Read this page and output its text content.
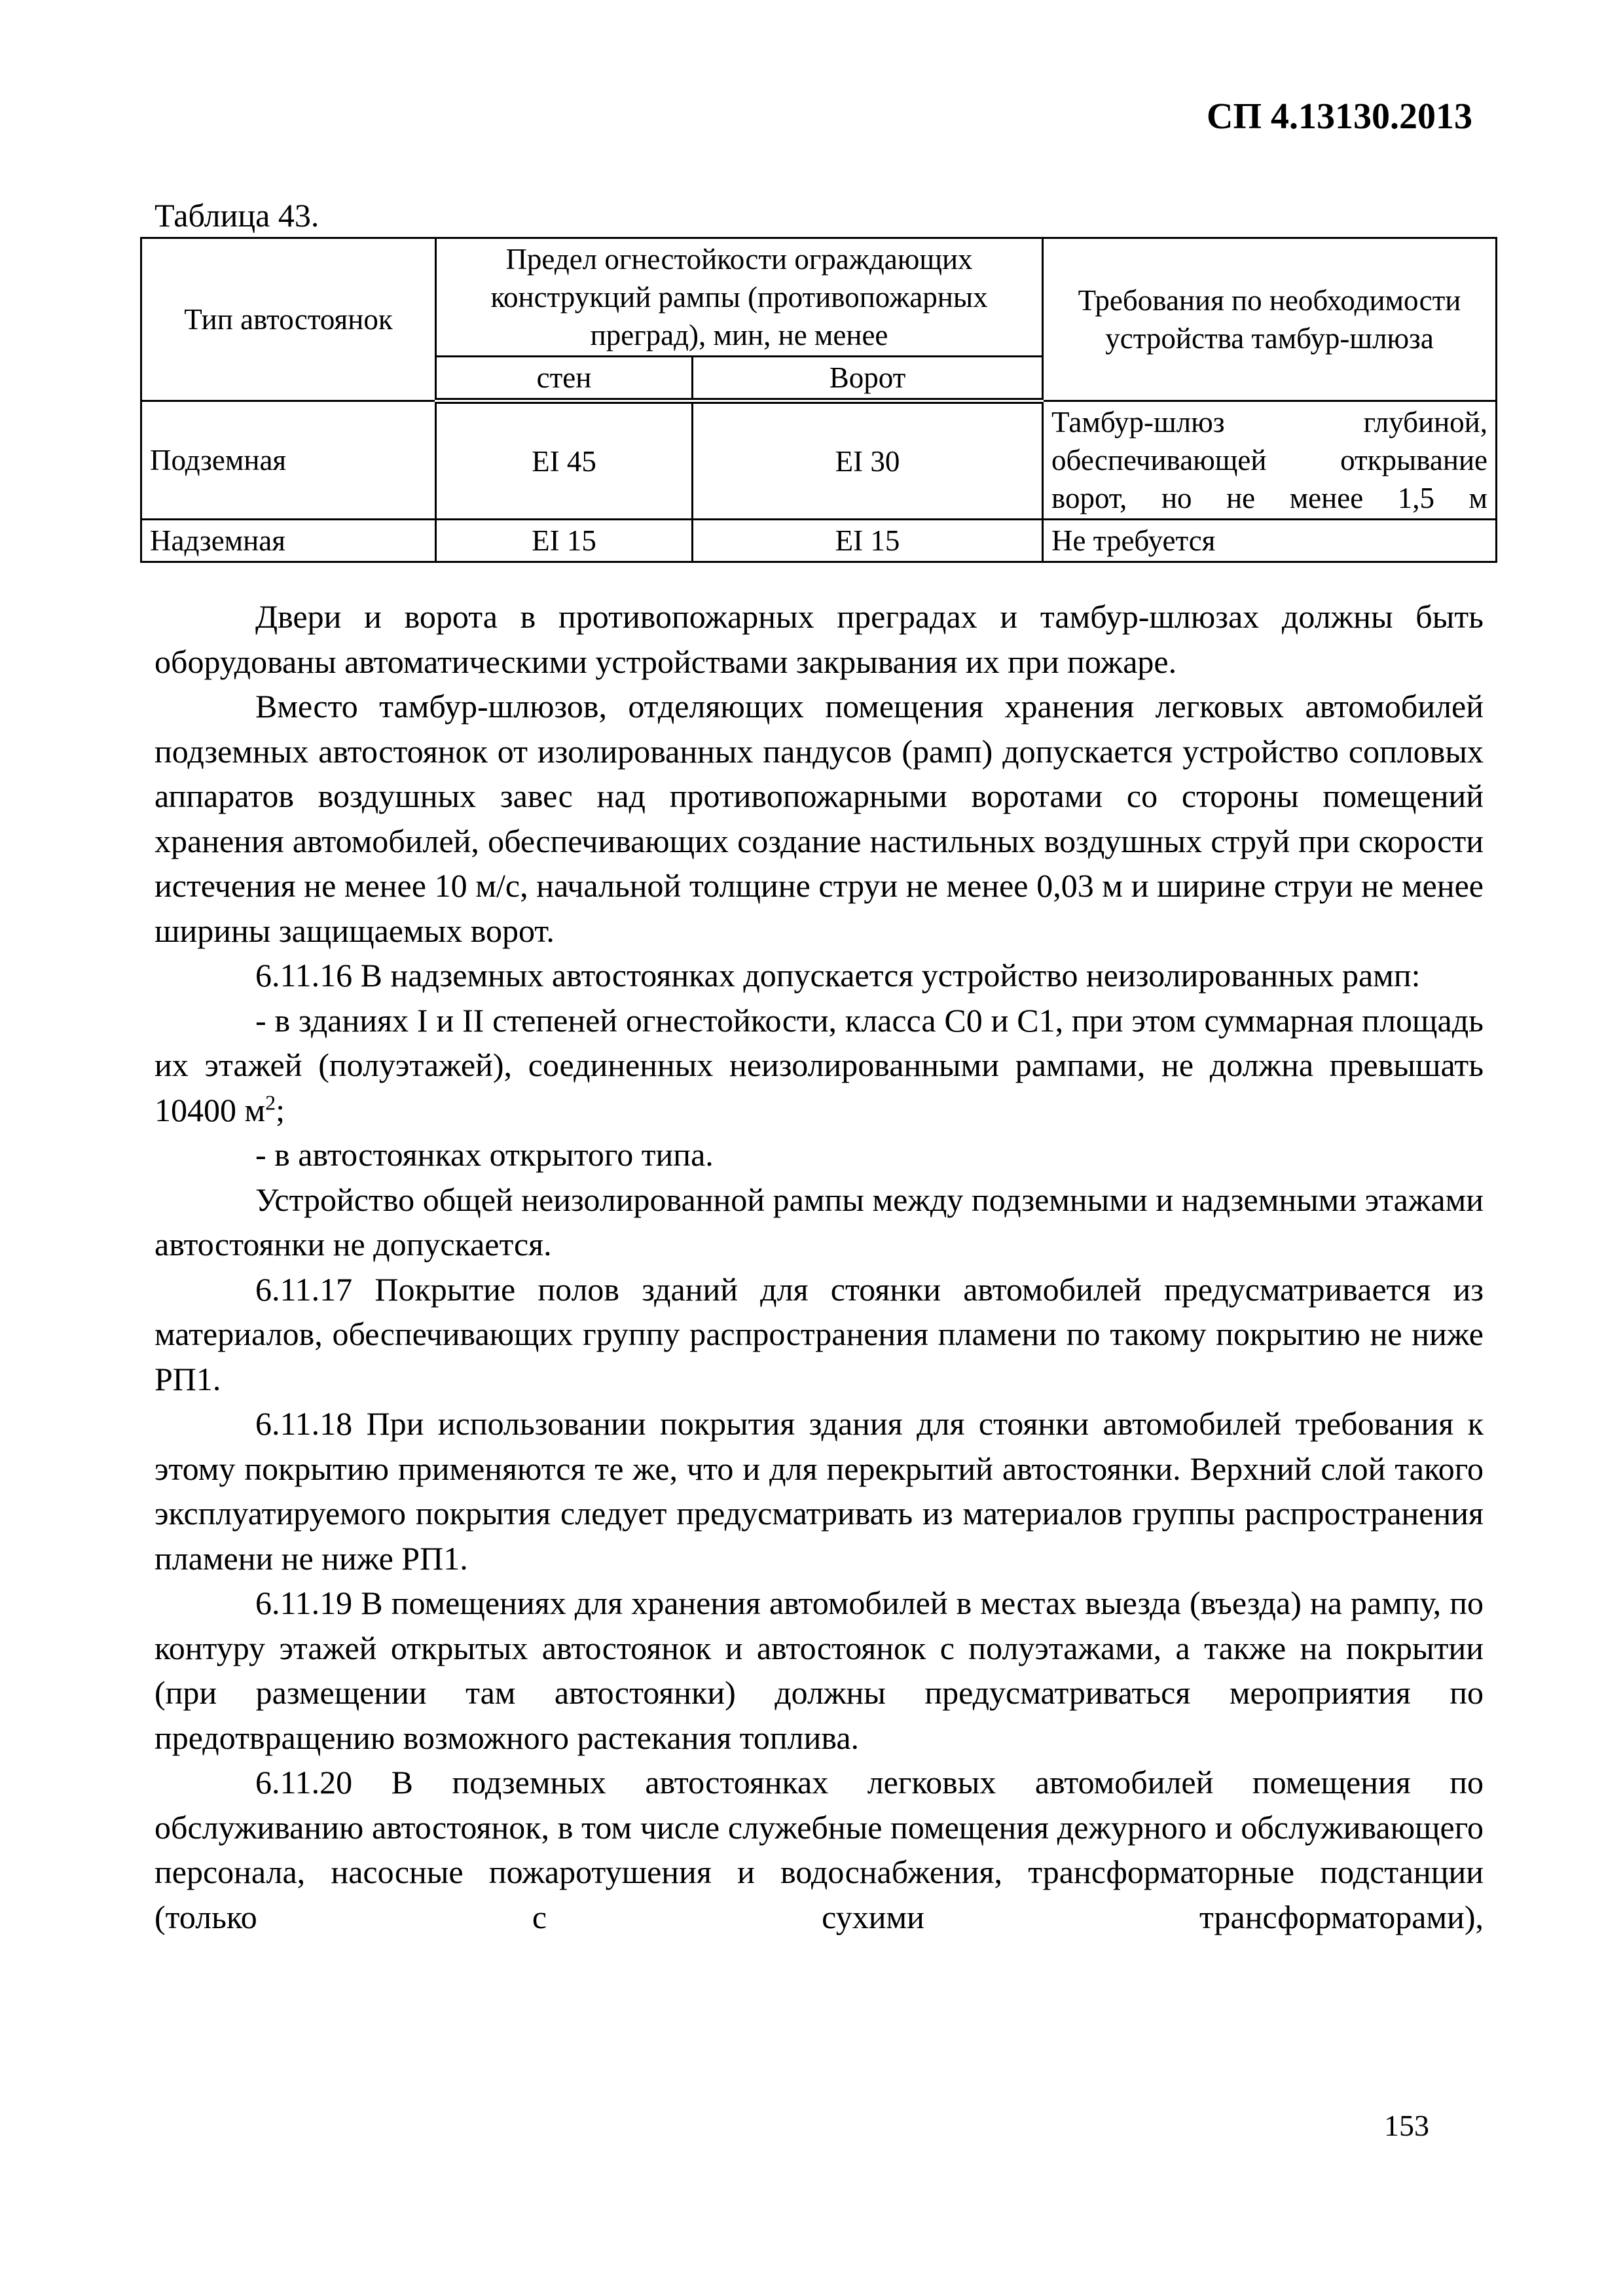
СП 4.13130.2013
Таблица 43.
Тип автостоянок	Предел огнестойкости ограждающих конструкций рампы (противопожарных преград), мин, не менее		Требования по необходимости устройства тамбур-шлюза
	стен	Ворот	
Подземная	EI 45	EI 30	Тамбур-шлюз глубиной, обеспечивающей открывание ворот, но не менее 1,5 м
Надземная	EI 15	EI 15	Не требуется

Двери и ворота в противопожарных преградах и тамбур-шлюзах должны быть оборудованы автоматическими устройствами закрывания их при пожаре.

Вместо тамбур-шлюзов, отделяющих помещения хранения легковых автомобилей подземных автостоянок от изолированных пандусов (рамп) допускается устройство сопловых аппаратов воздушных завес над противопожарными воротами со стороны помещений хранения автомобилей, обеспечивающих создание настильных воздушных струй при скорости истечения не менее 10 м/с, начальной толщине струи не менее 0,03 м и ширине струи не менее ширины защищаемых ворот.

6.11.16 В надземных автостоянках допускается устройство неизолированных рамп:

- в зданиях I и II степеней огнестойкости, класса С0 и С1, при этом суммарная площадь их этажей (полуэтажей), соединенных неизолированными рампами, не должна превышать 10400 $м^2$;

- в автостоянках открытого типа.

Устройство общей неизолированной рампы между подземными и надземными этажами автостоянки не допускается.

6.11.17 Покрытие полов зданий для стоянки автомобилей предусматривается из материалов, обеспечивающих группу распространения пламени по такому покрытию не ниже РП1.

6.11.18 При использовании покрытия здания для стоянки автомобилей требования к этому покрытию применяются те же, что и для перекрытий автостоянки. Верхний слой такого эксплуатируемого покрытия следует предусматривать из материалов группы распространения пламени не ниже РП1.

6.11.19 В помещениях для хранения автомобилей в местах выезда (въезда) на рампу, по контуру этажей открытых автостоянок и автостоянок с полуэтажами, а также на покрытии (при размещении там автостоянки) должны предусматриваться мероприятия по предотвращению возможного растекания топлива.

6.11.20 В подземных автостоянках легковых автомобилей помещения по обслуживанию автостоянок, в том числе служебные помещения дежурного и обслуживающего персонала, насосные пожаротушения и водоснабжения, трансформаторные подстанции (только с сухими трансформаторами),

153
